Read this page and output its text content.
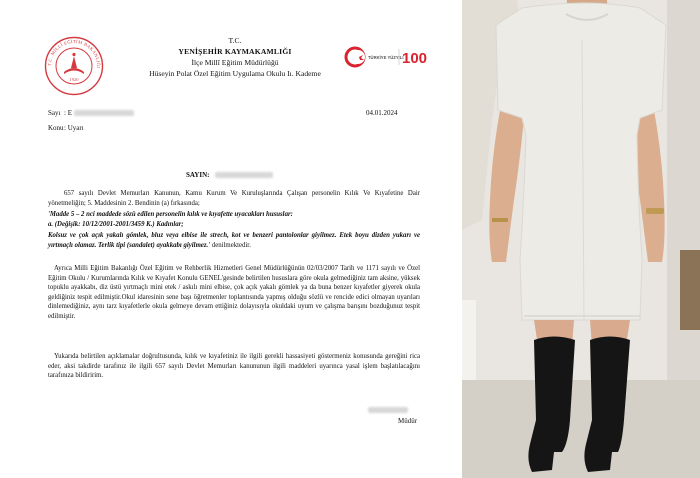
T.C. MİLLÎ EĞİTİM BAKANLIĞI
1920
T.C.
YENİŞEHİR KAYMAKAMLIĞI
İlçe Millî Eğitim Müdürlüğü
Hüseyin Polat Özel Eğitim Uygulama Okulu Iı. Kademe
TÜRKİYE YÜZYILI
100
Sayı : E	04.01.2024
Konu : Uyarı
SAYIN:
657 sayılı Devlet Memurları Kanunun, Kamu Kurum Ve Kuruluşlarında Çalışan personelin Kılık Ve Kıyafetine Dair yönetmeliğin; 5. Maddesinin 2. Bendinin (a) fırkasında;
'Madde 5 – 2 nci maddede sözü edilen personelin kılık ve kıyafette uyacakları hususlar:
a. (Değişik: 10/12/2001-2001/3459 K.) Kadınlar;
Kolsuz ve çok açık yakalı gömlek, bluz veya elbise ile strech, kot ve benzeri pantolonlar giyilmez. Etek boyu dizden yukarı ve yırtmaçlı olamaz. Terlik tipi (sandalet) ayakkabı giyilmez.' denilmektedir.
Ayrıca Milli Eğitim Bakanlığı Özel Eğitim ve Rehberlik Hizmetleri Genel Müdürlüğünün 02/03/2007 Tarih ve 1171 sayılı ve Özel Eğitim Okulu / Kurumlarında Kılık ve Kıyafet Konulu GENEL'gesinde belirtilen hususlara göre okula gelmediğiniz tam aksine, yüksek topuklu ayakkabı, diz üstü yırtmaçlı mini etek / askılı mini elbise, çok açık yakalı gömlek ya da buna benzer kıyafetler giyerek okula geldiğiniz tespit edilmiştir.Okul idaresinin sene başı öğretmenler toplantısında yapmış olduğu sözlü ve rencide edici olmayan uyarıları dinlemediğiniz, aynı tarz kıyafetlerle okula gelmeye devam ettiğiniz dolayısıyla okuldaki uyum ve çalışma barışını bozduğunuz tespit edilmiştir.
Yukarıda belirtilen açıklamalar doğrultusunda, kılık ve kıyafetiniz ile ilgili gerekli hassasiyeti göstermeniz konusunda gereğini rica eder, aksi takdirde tarafınız ile ilgili 657 sayılı Devlet Memurları kanununun ilgili maddeleri uyarınca yasal işlem başlatılacağını tarafınıza bildiririm.
Müdür
